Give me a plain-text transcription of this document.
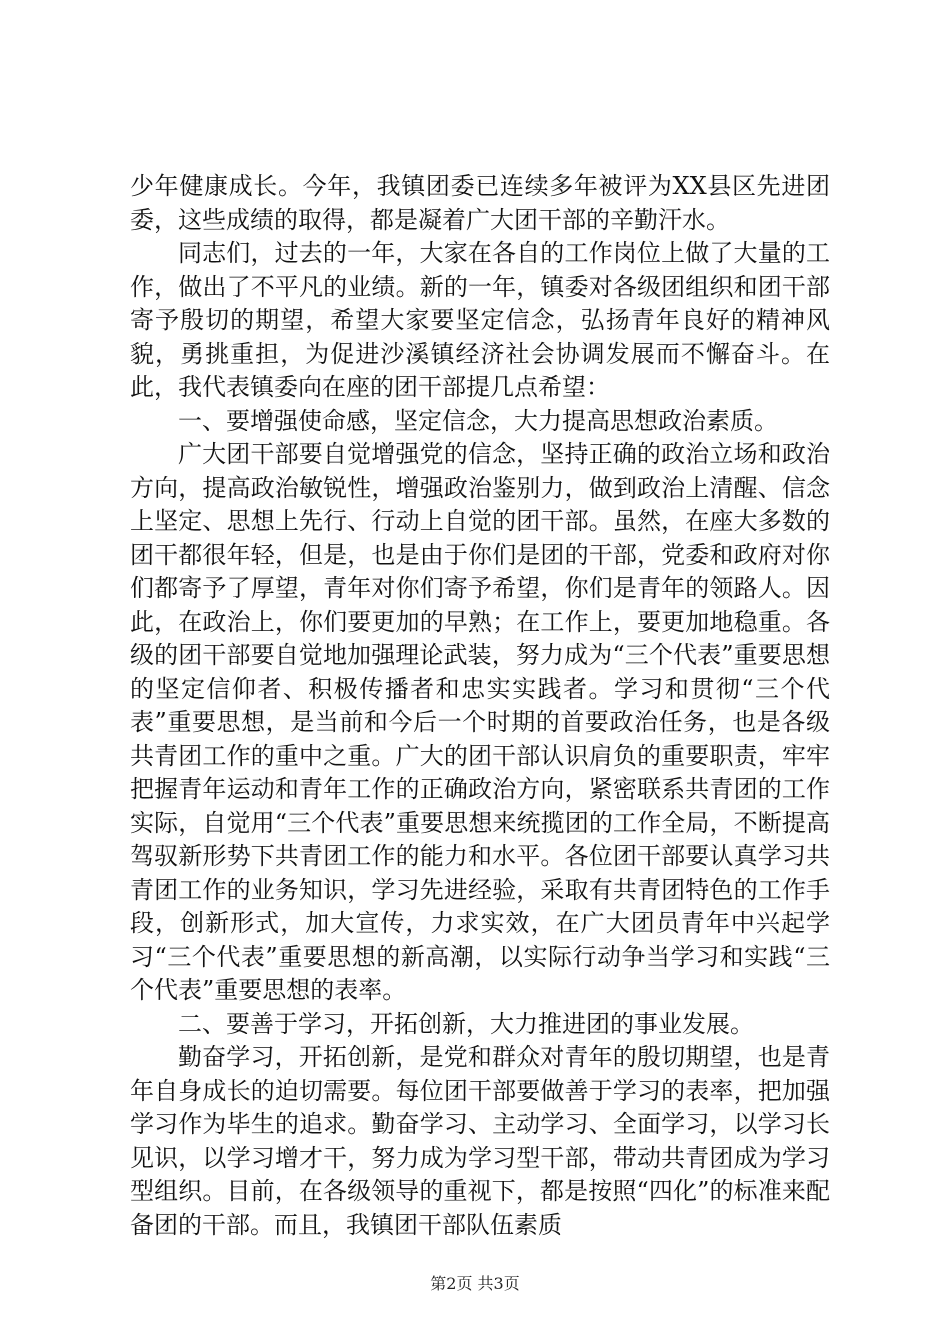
少年健康成长。今年，我镇团委已连续多年被评为XX县区先进团委，这些成绩的取得，都是凝着广大团干部的辛勤汗水。

同志们，过去的一年，大家在各自的工作岗位上做了大量的工作，做出了不平凡的业绩。新的一年，镇委对各级团组织和团干部寄予殷切的期望，希望大家要坚定信念，弘扬青年良好的精神风貌，勇挑重担，为促进沙溪镇经济社会协调发展而不懈奋斗。在此，我代表镇委向在座的团干部提几点希望：

一、要增强使命感，坚定信念，大力提高思想政治素质。

广大团干部要自觉增强党的信念，坚持正确的政治立场和政治方向，提高政治敏锐性，增强政治鉴别力，做到政治上清醒、信念上坚定、思想上先行、行动上自觉的团干部。虽然，在座大多数的团干都很年轻，但是，也是由于你们是团的干部，党委和政府对你们都寄予了厚望，青年对你们寄予希望，你们是青年的领路人。因此，在政治上，你们要更加的早熟；在工作上，要更加地稳重。各级的团干部要自觉地加强理论武装，努力成为“三个代表”重要思想的坚定信仰者、积极传播者和忠实实践者。学习和贯彻“三个代表”重要思想，是当前和今后一个时期的首要政治任务，也是各级共青团工作的重中之重。广大的团干部认识肩负的重要职责，牢牢把握青年运动和青年工作的正确政治方向，紧密联系共青团的工作实际，自觉用“三个代表”重要思想来统揽团的工作全局，不断提高驾驭新形势下共青团工作的能力和水平。各位团干部要认真学习共青团工作的业务知识，学习先进经验，采取有共青团特色的工作手段，创新形式，加大宣传，力求实效，在广大团员青年中兴起学习“三个代表”重要思想的新高潮，以实际行动争当学习和实践“三个代表”重要思想的表率。

二、要善于学习，开拓创新，大力推进团的事业发展。

勤奋学习，开拓创新，是党和群众对青年的殷切期望，也是青年自身成长的迫切需要。每位团干部要做善于学习的表率，把加强学习作为毕生的追求。勤奋学习、主动学习、全面学习，以学习长见识，以学习增才干，努力成为学习型干部，带动共青团成为学习型组织。目前，在各级领导的重视下，都是按照“四化”的标准来配备团的干部。而且，我镇团干部队伍素质

第2页 共3页
